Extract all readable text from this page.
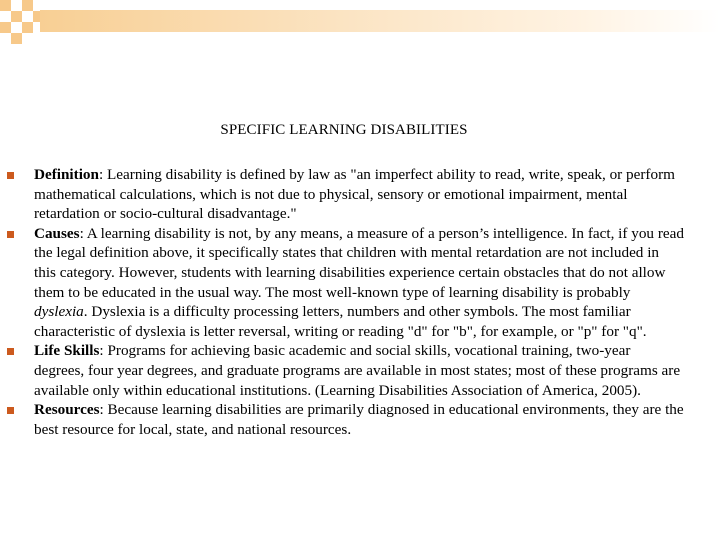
SPECIFIC LEARNING DISABILITIES
Definition: Learning disability is defined by law as "an imperfect ability to read, write, speak, or perform mathematical calculations, which is not due to physical, sensory or emotional impairment, mental retardation or socio-cultural disadvantage."
Causes: A learning disability is not, by any means, a measure of a person’s intelligence. In fact, if you read the legal definition above, it specifically states that children with mental retardation are not included in this category. However, students with learning disabilities experience certain obstacles that do not allow them to be educated in the usual way. The most well-known type of learning disability is probably dyslexia. Dyslexia is a difficulty processing letters, numbers and other symbols. The most familiar characteristic of dyslexia is letter reversal, writing or reading "d" for "b", for example, or "p" for "q".
Life Skills: Programs for achieving basic academic and social skills, vocational training, two-year degrees, four year degrees, and graduate programs are available in most states; most of these programs are available only within educational institutions. (Learning Disabilities Association of America, 2005).
Resources: Because learning disabilities are primarily diagnosed in educational environments, they are the best resource for local, state, and national resources.
